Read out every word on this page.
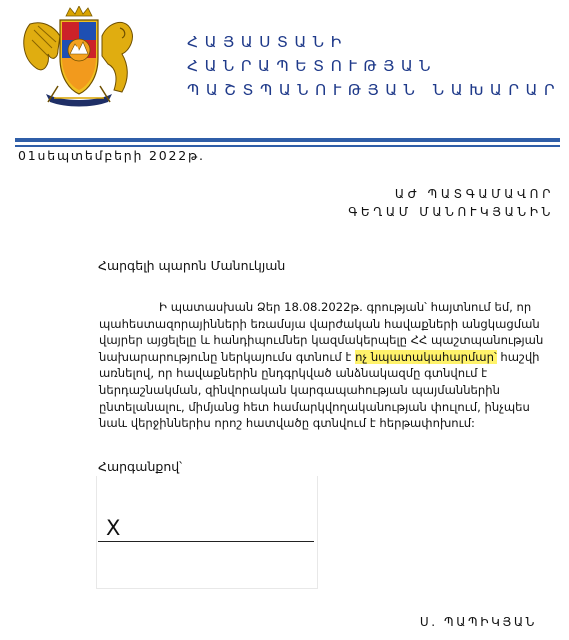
ՀԱՅԱՍՏԱՆԻ
ՀԱՆՐԱՊԵՏՈՒԹՅԱՆ
ՊԱՇՏՊԱՆՈՒԹՅԱՆ ՆԱԽԱՐԱՐ
01սեպտեմբերի 2022թ.
ԱԺ ՊԱՏԳԱՄԱՎՈՐ
ԳԵՂԱՄ ՄԱՆՈՒԿՅԱՆԻՆ
Հարգելի պարոն Մանուկյան
Ի պատասխան Ձեր 18.08.2022թ. գրության՝ հայտնում եմ, որ պահեստազորայինների եռամսյա վարժական հավաքների անցկացման վայրեր այցելելը և հանդիպումներ կազմակերպելը ՀՀ պաշտպանության նախարարությունը ներկայումս գտնում է ոչ նպատակահարմար՝ հաշվի առնելով, որ հավաքներին ընդգրկված անձնակազմը գտնվում է ներդաշնակման, զինվորական կարգապահության պայմաններին ընտելանալու, միմյանց հետ համարկվողականության փուլում, ինչպես նաև վերջիններիս որոշ հատվածը գտնվում է հերթափոխում:
Հարգանքով՝
X
Ս. ՊԱՊԻԿՅԱՆ
